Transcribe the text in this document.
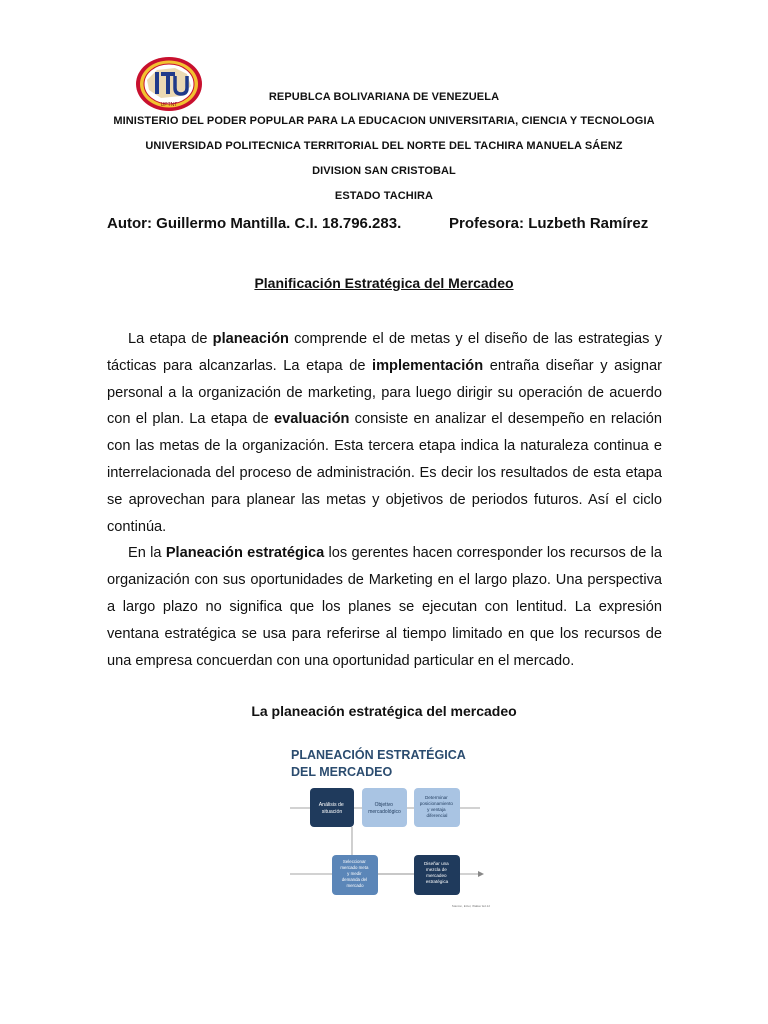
UPTNT
REPUBLCA BOLIVARIANA DE VENEZUELA
MINISTERIO DEL PODER POPULAR PARA LA EDUCACION UNIVERSITARIA, CIENCIA Y TECNOLOGIA
UNIVERSIDAD POLITECNICA TERRITORIAL DEL NORTE DEL TACHIRA MANUELA SÁENZ
DIVISION SAN CRISTOBAL
ESTADO TACHIRA
Autor: Guillermo Mantilla. C.I. 18.796.283.	Profesora: Luzbeth Ramírez
Planificación Estratégica del Mercadeo

La etapa de planeación comprende el de metas y el diseño de las estrategias y tácticas para alcanzarlas. La etapa de implementación entraña diseñar y asignar personal a la organización de marketing, para luego dirigir su operación de acuerdo con el plan. La etapa de evaluación consiste en analizar el desempeño en relación con las metas de la organización. Esta tercera etapa indica la naturaleza continua e interrelacionada del proceso de administración. Es decir los resultados de esta etapa se aprovechan para planear las metas y objetivos de periodos futuros. Así el ciclo continúa.

En la Planeación estratégica los gerentes hacen corresponder los recursos de la organización con sus oportunidades de Marketing en el largo plazo. Una perspectiva a largo plazo no significa que los planes se ejecutan con lentitud. La expresión ventana estratégica se usa para referirse al tiempo limitado en que los recursos de una empresa concuerdan con una oportunidad particular en el mercado.

La planeación estratégica del mercadeo
PLANEACIÓN ESTRATÉGICA
DEL MERCADEO
Análisis de situación
Objetivo mercadológico
Determinar posicionamiento y ventaja diferencial
Seleccionar mercado meta y medir demanda del mercado
Diseñar una mezcla de mercadeo estratégica
Stanton, Etzel, Walker Ed.12
